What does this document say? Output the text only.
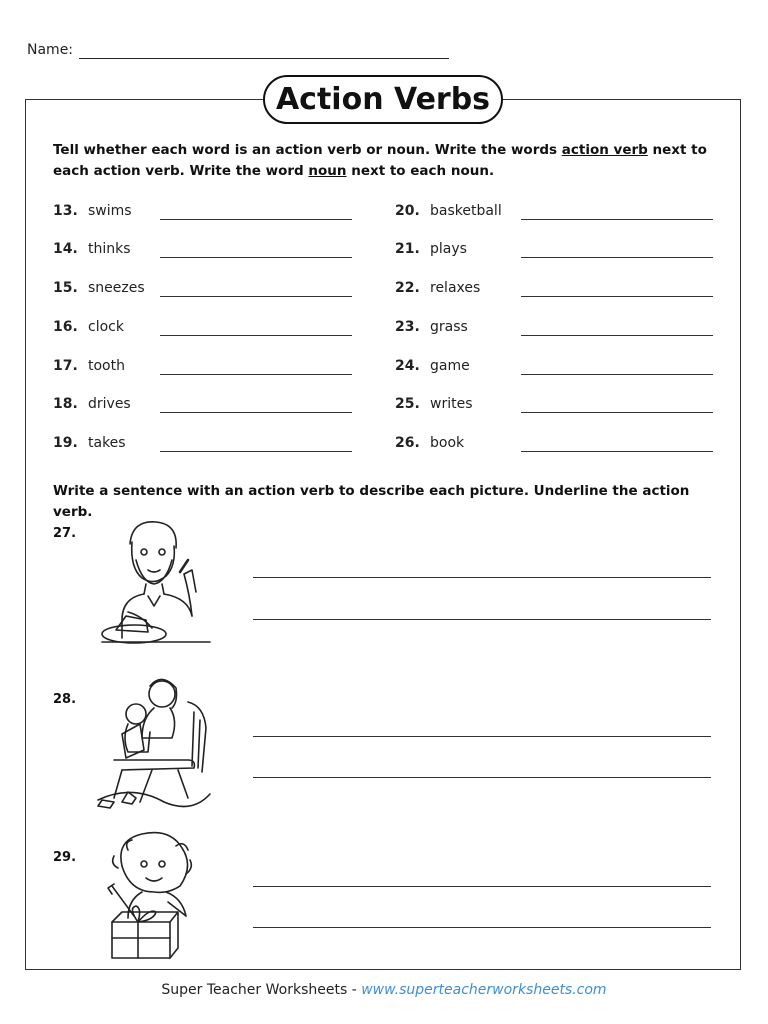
Name:
Action Verbs
Tell whether each word is an action verb or noun. Write the words action verb next to each action verb. Write the word noun next to each noun.
13. swims
14. thinks
15. sneezes
16. clock
17. tooth
18. drives
19. takes
20. basketball
21. plays
22. relaxes
23. grass
24. game
25. writes
26. book
Write a sentence with an action verb to describe each picture. Underline the action verb.
27.
28.
29.
Super Teacher Worksheets - www.superteacherworksheets.com
